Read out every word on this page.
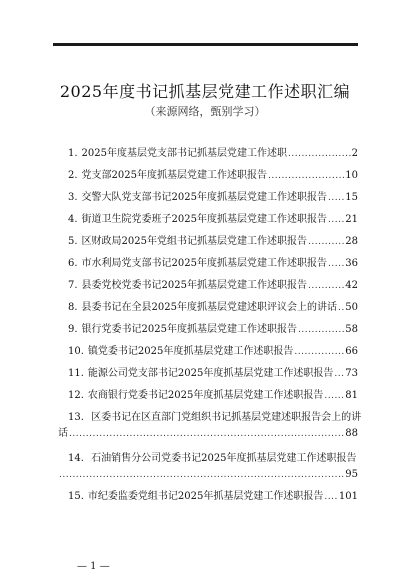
2025年度书记抓基层党建工作述职汇编
（来源网络，甄别学习）
1. 2025年度基层党支部书记抓基层党建工作述职 .....	2
2. 党支部2025年度抓基层党建工作述职报告 .....	10
3. 交警大队党支部书记2025年度抓基层党建工作述职报告 ..... 15
4. 街道卫生院党委班子2025年度抓基层党建工作述职报告 ..... 21
5. 区财政局2025年党组书记抓基层党建工作述职报告 .....	28
6. 市水利局党支部书记2025年度抓基层党建工作述职报告 ..... 36
7. 县委党校党委书记2025年抓基层党建工作述职报告 .....	42
8. 县委书记在全县2025年度抓基层党建述职评议会上的讲话 ..... 50
9. 银行党委书记2025年度抓基层党建工作述职报告 .....	58
10. 镇党委书记2025年度抓基层党建工作述职报告 .....	66
11. 能源公司党支部书记2025年度抓基层党建工作述职报告 ..... 73
12. 农商银行党委书记2025年度抓基层党建工作述职报告 ..... 81
13. 区委书记在区直部门党组织书记抓基层党建述职报告会上的讲
话 .....	88
14. 石油销售分公司党委书记2025年度抓基层党建工作述职报告
.....
95
15. 市纪委监委党组书记2025年抓基层党建工作述职报告 ..... 101
— 1 —
